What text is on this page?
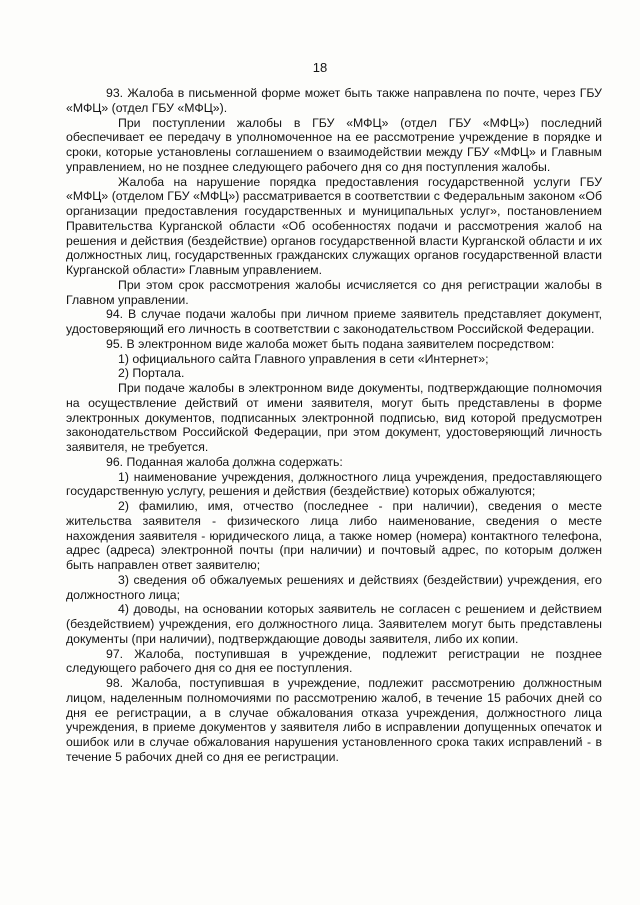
18

93. Жалоба в письменной форме может быть также направлена по почте, через ГБУ «МФЦ» (отдел ГБУ «МФЦ»).

При поступлении жалобы в ГБУ «МФЦ» (отдел ГБУ «МФЦ») последний обеспечивает ее передачу в уполномоченное на ее рассмотрение учреждение в порядке и сроки, которые установлены соглашением о взаимодействии между ГБУ «МФЦ» и Главным управлением, но не позднее следующего рабочего дня со дня поступления жалобы.

Жалоба на нарушение порядка предоставления государственной услуги ГБУ «МФЦ» (отделом ГБУ «МФЦ») рассматривается в соответствии с Федеральным законом «Об организации предоставления государственных и муниципальных услуг», постановлением Правительства Курганской области «Об особенностях подачи и рассмотрения жалоб на решения и действия (бездействие) органов государственной власти Курганской области и их должностных лиц, государственных гражданских служащих органов государственной власти Курганской области» Главным управлением.

При этом срок рассмотрения жалобы исчисляется со дня регистрации жалобы в Главном управлении.

94. В случае подачи жалобы при личном приеме заявитель представляет документ, удостоверяющий его личность в соответствии с законодательством Российской Федерации.

95. В электронном виде жалоба может быть подана заявителем посредством:

1) официального сайта Главного управления в сети «Интернет»;

2) Портала.

При подаче жалобы в электронном виде документы, подтверждающие полномочия на осуществление действий от имени заявителя, могут быть представлены в форме электронных документов, подписанных электронной подписью, вид которой предусмотрен законодательством Российской Федерации, при этом документ, удостоверяющий личность заявителя, не требуется.

96. Поданная жалоба должна содержать:

1) наименование учреждения, должностного лица учреждения, предоставляющего государственную услугу, решения и действия (бездействие) которых обжалуются;

2) фамилию, имя, отчество (последнее - при наличии), сведения о месте жительства заявителя - физического лица либо наименование, сведения о месте нахождения заявителя - юридического лица, а также номер (номера) контактного телефона, адрес (адреса) электронной почты (при наличии) и почтовый адрес, по которым должен быть направлен ответ заявителю;

3) сведения об обжалуемых решениях и действиях (бездействии) учреждения, его должностного лица;

4) доводы, на основании которых заявитель не согласен с решением и действием (бездействием) учреждения, его должностного лица. Заявителем могут быть представлены документы (при наличии), подтверждающие доводы заявителя, либо их копии.

97. Жалоба, поступившая в учреждение, подлежит регистрации не позднее следующего рабочего дня со дня ее поступления.

98. Жалоба, поступившая в учреждение, подлежит рассмотрению должностным лицом, наделенным полномочиями по рассмотрению жалоб, в течение 15 рабочих дней со дня ее регистрации, а в случае обжалования отказа учреждения, должностного лица учреждения, в приеме документов у заявителя либо в исправлении допущенных опечаток и ошибок или в случае обжалования нарушения установленного срока таких исправлений - в течение 5 рабочих дней со дня ее регистрации.
